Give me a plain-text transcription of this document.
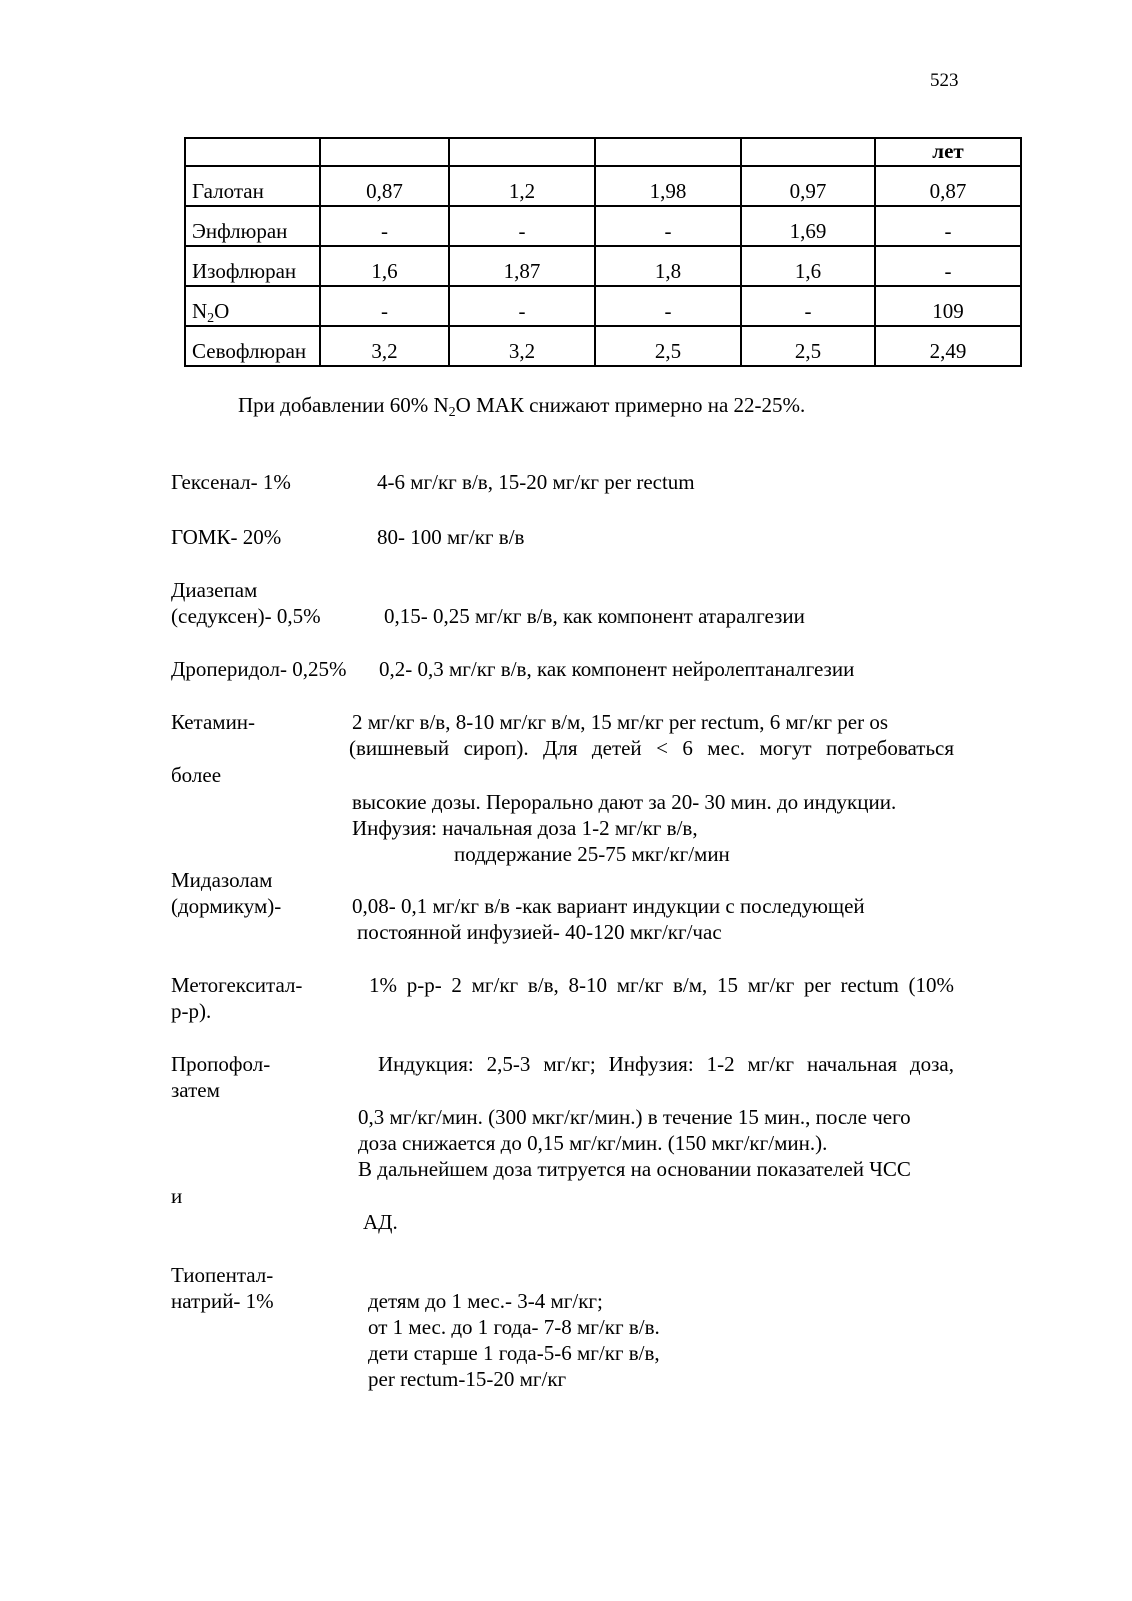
523
					лет
Галотан	0,87	1,2	1,98	0,97	0,87
Энфлюран	-	-	-	1,69	-
Изофлюран	1,6	1,87	1,8	1,6	-
$N_2O$	-	-	-	-	109
Севофлюран	3,2	3,2	2,5	2,5	2,49
При добавлении 60% $N_2O$ МАК снижают примерно на 22-25%.
Гексенал- 1%	4-6 мг/кг в/в, 15-20 мг/кг per rectum
ГОМК- 20%	80- 100 мг/кг в/в
Диазепам
(седуксен)- 0,5%	0,15- 0,25 мг/кг в/в, как компонент атаралгезии
Дроперидол- 0,25% 0,2- 0,3 мг/кг в/в, как компонент нейролептаналгезии
Кетамин-	2 мг/кг в/в, 8-10 мг/кг в/м, 15 мг/кг per rectum, 6 мг/кг per os
(вишневый сироп). Для детей < 6 мес. могут потребоваться
более
высокие дозы. Перорально дают за 20- 30 мин. до индукции.
Инфузия: начальная доза 1-2 мг/кг в/в,
поддержание 25-75 мкг/кг/мин
Мидазолам
(дормикум)-	0,08- 0,1 мг/кг в/в -как вариант индукции с последующей
постоянной инфузией- 40-120 мкг/кг/час
Метогекситал-	1% р-р- 2 мг/кг в/в, 8-10 мг/кг в/м, 15 мг/кг per rectum (10%
р-р).
Пропофол-	Индукция: 2,5-3 мг/кг; Инфузия: 1-2 мг/кг начальная доза,
затем
0,3 мг/кг/мин. (300 мкг/кг/мин.) в течение 15 мин., после чего
доза снижается до 0,15 мг/кг/мин. (150 мкг/кг/мин.).
В дальнейшем доза титруется на основании показателей ЧСС
и
АД.
Тиопентал-
натрий- 1%	детям до 1 мес.- 3-4 мг/кг;
от 1 мес. до 1 года- 7-8 мг/кг в/в.
дети старше 1 года-5-6 мг/кг в/в,
per rectum-15-20 мг/кг
